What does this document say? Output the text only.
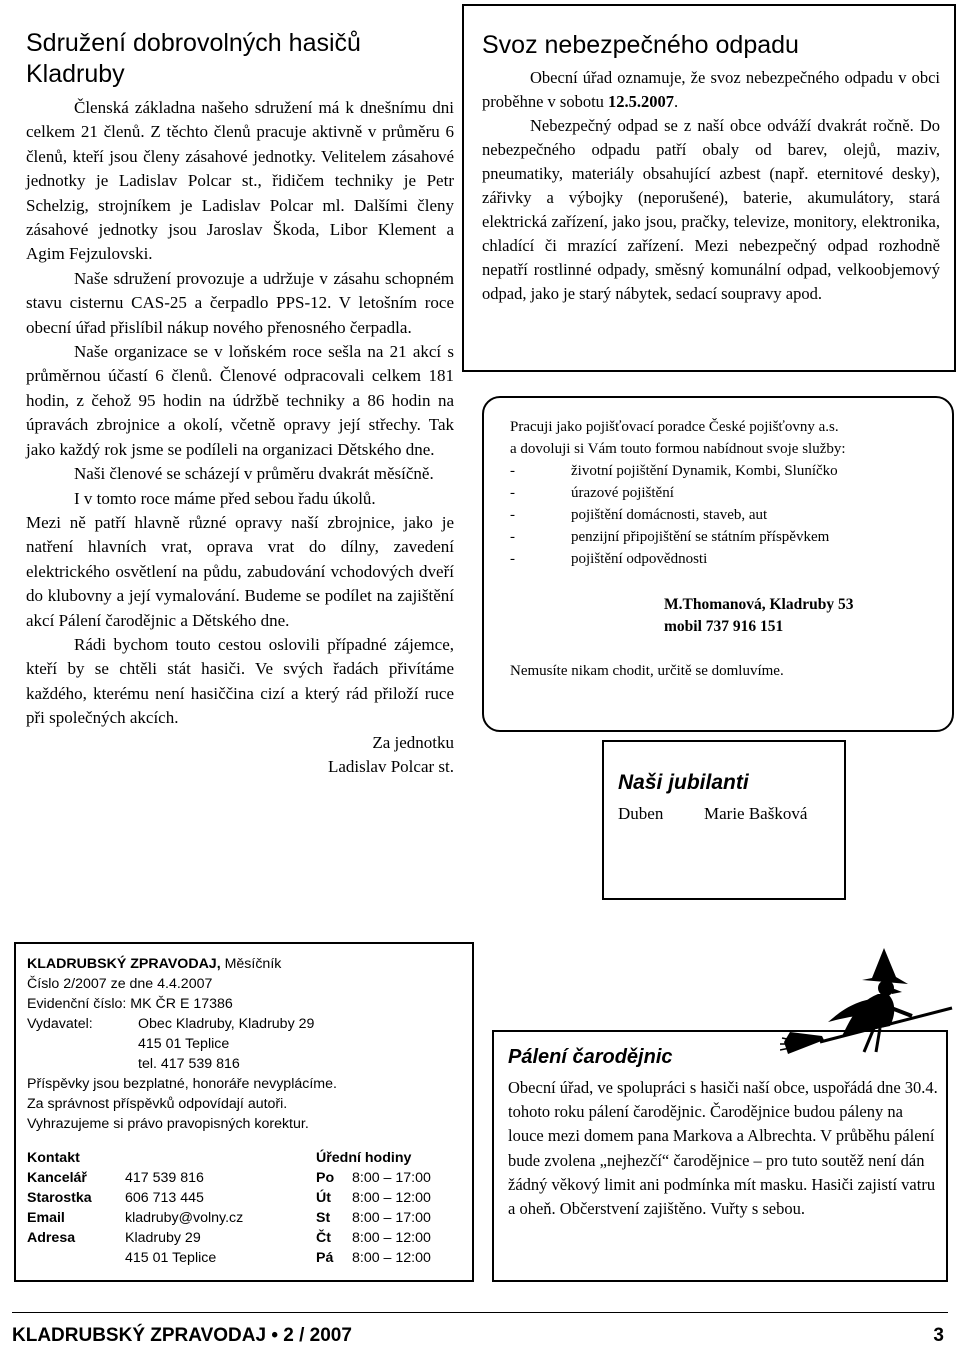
Sdružení dobrovolných hasičů
Kladruby

Členská základna našeho sdružení má k dnešnímu dni celkem 21 členů. Z těchto členů pracuje aktivně v průměru 6 členů, kteří jsou členy zásahové jednotky. Velitelem zásahové jednotky je Ladislav Polcar st., řidičem techniky je Petr Schelzig, strojníkem je Ladislav Polcar ml. Dalšími členy zásahové jednotky jsou Jaroslav Škoda, Libor Klement a Agim Fejzulovski.

Naše sdružení provozuje a udržuje v zásahu schopném stavu cisternu CAS-25 a čerpadlo PPS-12. V letošním roce obecní úřad přislíbil nákup nového přenosného čerpadla.

Naše organizace se v loňském roce sešla na 21 akcí s průměrnou účastí 6 členů. Členové odpracovali celkem 181 hodin, z čehož 95 hodin na údržbě techniky a 86 hodin na úpravách zbrojnice a okolí, včetně opravy její střechy. Tak jako každý rok jsme se podíleli na organizaci Dětského dne.

Naši členové se scházejí v průměru dvakrát měsíčně.

I v tomto roce máme před sebou řadu úkolů.

Mezi ně patří hlavně různé opravy naší zbrojnice, jako je natření hlavních vrat, oprava vrat do dílny, zavedení elektrického osvětlení na půdu, zabudování vchodových dveří do klubovny a její vymalování. Budeme se podílet na zajištění akcí Pálení čarodějnic a Dětského dne.

Rádi bychom touto cestou oslovili případné zájemce, kteří by se chtěli stát hasiči. Ve svých řadách přivítáme každého, kterému není hasiččina cizí a který rád přiloží ruce při společných akcích.

Za jednotku
Ladislav Polcar st.
Svoz nebezpečného odpadu

Obecní úřad oznamuje, že svoz nebezpečného odpadu v obci proběhne v sobotu 12.5.2007.

Nebezpečný odpad se z naší obce odváží dvakrát ročně. Do nebezpečného odpadu patří obaly od barev, olejů, maziv, pneumatiky, materiály obsahující azbest (např. eternitové desky), zářivky a výbojky (neporušené), baterie, akumulátory, stará elektrická zařízení, jako jsou, pračky, televize, monitory, elektronika, chladící či mrazící zařízení. Mezi nebezpečný odpad rozhodně nepatří rostlinné odpady, směsný komunální odpad, velkoobjemový odpad, jako je starý nábytek, sedací soupravy apod.

Pracuji jako pojišťovací poradce České pojišťovny a.s.
a dovoluji si Vám touto formou nabídnout svoje služby:
-	životní pojištění Dynamik, Kombi, Sluníčko
-	úrazové pojištění
-	pojištění domácnosti, staveb, aut
-	penzijní připojištění se státním příspěvkem
-	pojištění odpovědnosti
M.Thomanová, Kladruby 53
mobil 737 916 151
Nemusíte nikam chodit, určitě se domluvíme.
Naši jubilanti
Duben Marie Bašková
KLADRUBSKÝ ZPRAVODAJ, Měsíčník
Číslo 2/2007 ze dne 4.4.2007
Evidenční číslo: MK ČR E 17386
Vydavatel:	Obec Kladruby, Kladruby 29
415 01 Teplice
tel. 417 539 816
Příspěvky jsou bezplatné, honoráře nevyplácíme.
Za správnost příspěvků odpovídají autoři.
Vyhrazujeme si právo pravopisných korektur.
Kontakt		Úřední hodiny	
Kancelář	417 539 816	Po	8:00 – 17:00
Starostka	606 713 445	Út	8:00 – 12:00
Email	kladruby@volny.cz	St	8:00 – 17:00
Adresa	Kladruby 29	Čt	8:00 – 12:00
	415 01 Teplice	Pá	8:00 – 12:00
Pálení čarodějnic
Obecní úřad, ve spolupráci s hasiči naší obce, uspořádá dne 30.4. tohoto roku pálení čarodějnic. Čarodějnice budou páleny na louce mezi domem pana Markova a Albrechta. V průběhu pálení bude zvolena „nejhezčí“ čarodějnice – pro tuto soutěž není dán žádný věkový limit ani podmínka mít masku. Hasiči zajistí vatru a oheň. Občerstvení zajištěno. Vuřty s sebou.
KLADRUBSKÝ ZPRAVODAJ • 2 / 2007	3
